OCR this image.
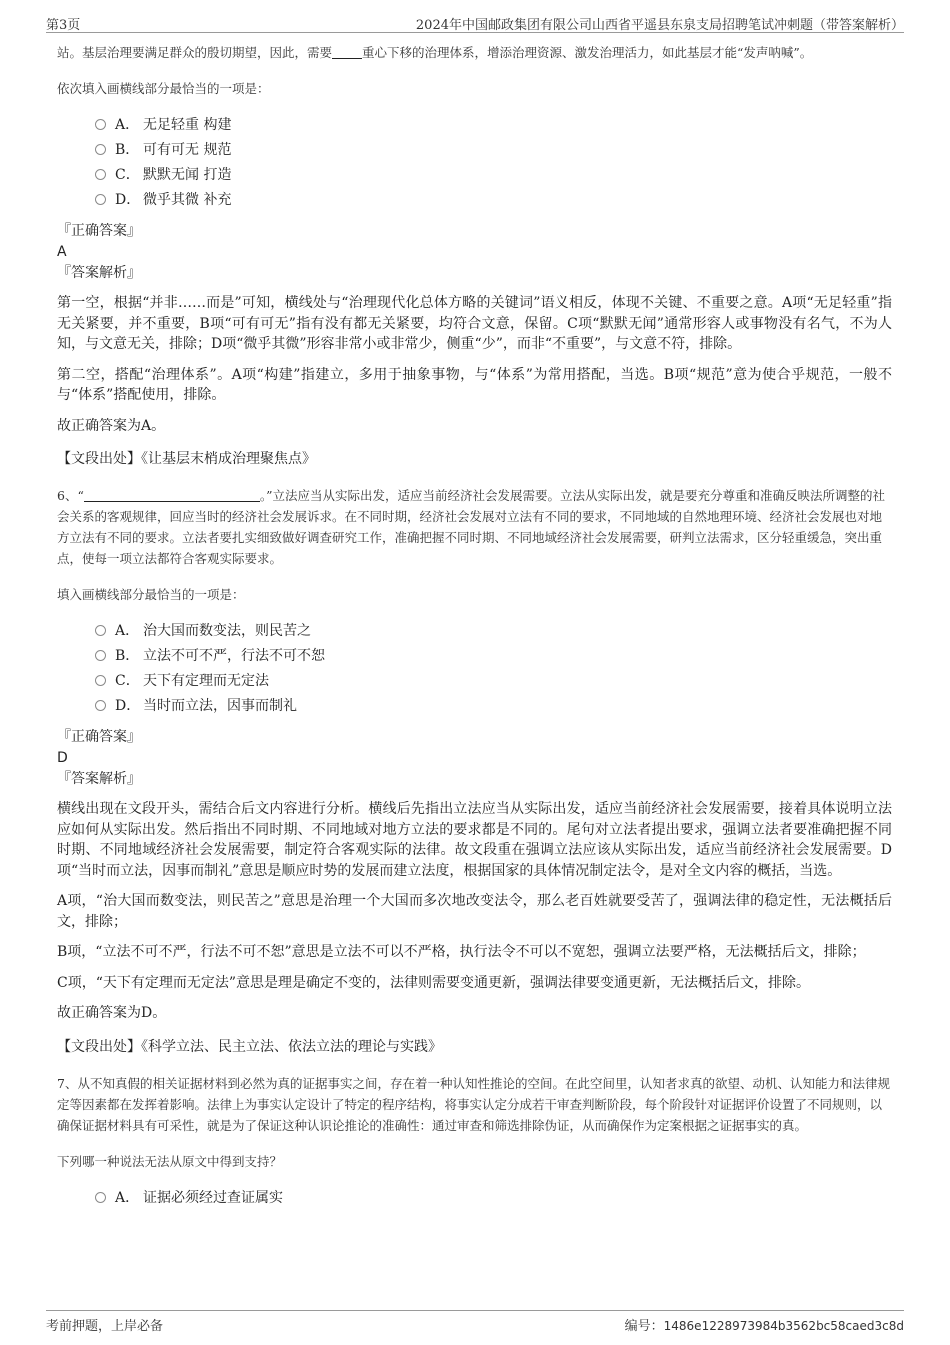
第3页	2024年中国邮政集团有限公司山西省平遥县东泉支局招聘笔试冲刺题（带答案解析）

站。基层治理要满足群众的殷切期望，因此，需要 重心下移的治理体系，增添治理资源、激发治理活力，如此基层才能“发声呐喊”。

依次填入画横线部分最恰当的一项是：

A． 无足轻重 构建
B． 可有可无 规范
C． 默默无闻 打造
D． 微乎其微 补充

『正确答案』

A

『答案解析』

第一空，根据“并非……而是”可知，横线处与“治理现代化总体方略的关键词”语义相反，体现不关键、不重要之意。A项“无足轻重”指无关紧要，并不重要，B项“可有可无”指有没有都无关紧要，均符合文意，保留。C项“默默无闻”通常形容人或事物没有名气，不为人知，与文意无关，排除；D项“微乎其微”形容非常小或非常少，侧重“少”，而非“不重要”，与文意不符，排除。

第二空，搭配“治理体系”。A项“构建”指建立，多用于抽象事物，与“体系”为常用搭配，当选。B项“规范”意为使合乎规范，一般不与“体系”搭配使用，排除。

故正确答案为A。

【文段出处】《让基层末梢成治理聚焦点》

6、“	。”立法应当从实际出发，适应当前经济社会发展需要。立法从实际出发，就是要充分尊重和准确反映法所调整的社会关系的客观规律，回应当时的经济社会发展诉求。在不同时期，经济社会发展对立法有不同的要求，不同地域的自然地理环境、经济社会发展也对地方立法有不同的要求。立法者要扎实细致做好调查研究工作，准确把握不同时期、不同地域经济社会发展需要，研判立法需求，区分轻重缓急，突出重点，使每一项立法都符合客观实际要求。

填入画横线部分最恰当的一项是：

A． 治大国而数变法，则民苦之
B． 立法不可不严，行法不可不恕
C． 天下有定理而无定法
D． 当时而立法，因事而制礼

『正确答案』

D

『答案解析』

横线出现在文段开头，需结合后文内容进行分析。横线后先指出立法应当从实际出发，适应当前经济社会发展需要，接着具体说明立法应如何从实际出发。然后指出不同时期、不同地域对地方立法的要求都是不同的。尾句对立法者提出要求，强调立法者要准确把握不同时期、不同地域经济社会发展需要，制定符合客观实际的法律。故文段重在强调立法应该从实际出发，适应当前经济社会发展需要。D项“当时而立法，因事而制礼”意思是顺应时势的发展而建立法度，根据国家的具体情况制定法令，是对全文内容的概括，当选。

A项，“治大国而数变法，则民苦之”意思是治理一个大国而多次地改变法令，那么老百姓就要受苦了，强调法律的稳定性，无法概括后文，排除；

B项，“立法不可不严，行法不可不恕”意思是立法不可以不严格，执行法令不可以不宽恕，强调立法要严格，无法概括后文，排除；

C项，“天下有定理而无定法”意思是理是确定不变的，法律则需要变通更新，强调法律要变通更新，无法概括后文，排除。

故正确答案为D。

【文段出处】《科学立法、民主立法、依法立法的理论与实践》

7、从不知真假的相关证据材料到必然为真的证据事实之间，存在着一种认知性推论的空间。在此空间里，认知者求真的欲望、动机、认知能力和法律规定等因素都在发挥着影响。法律上为事实认定设计了特定的程序结构，将事实认定分成若干审查判断阶段，每个阶段针对证据评价设置了不同规则，以确保证据材料具有可采性，就是为了保证这种认识论推论的准确性：通过审查和筛选排除伪证，从而确保作为定案根据之证据事实的真。

下列哪一种说法无法从原文中得到支持？

A． 证据必须经过查证属实
考前押题，上岸必备	编号：1486e1228973984b3562bc58caed3c8d
